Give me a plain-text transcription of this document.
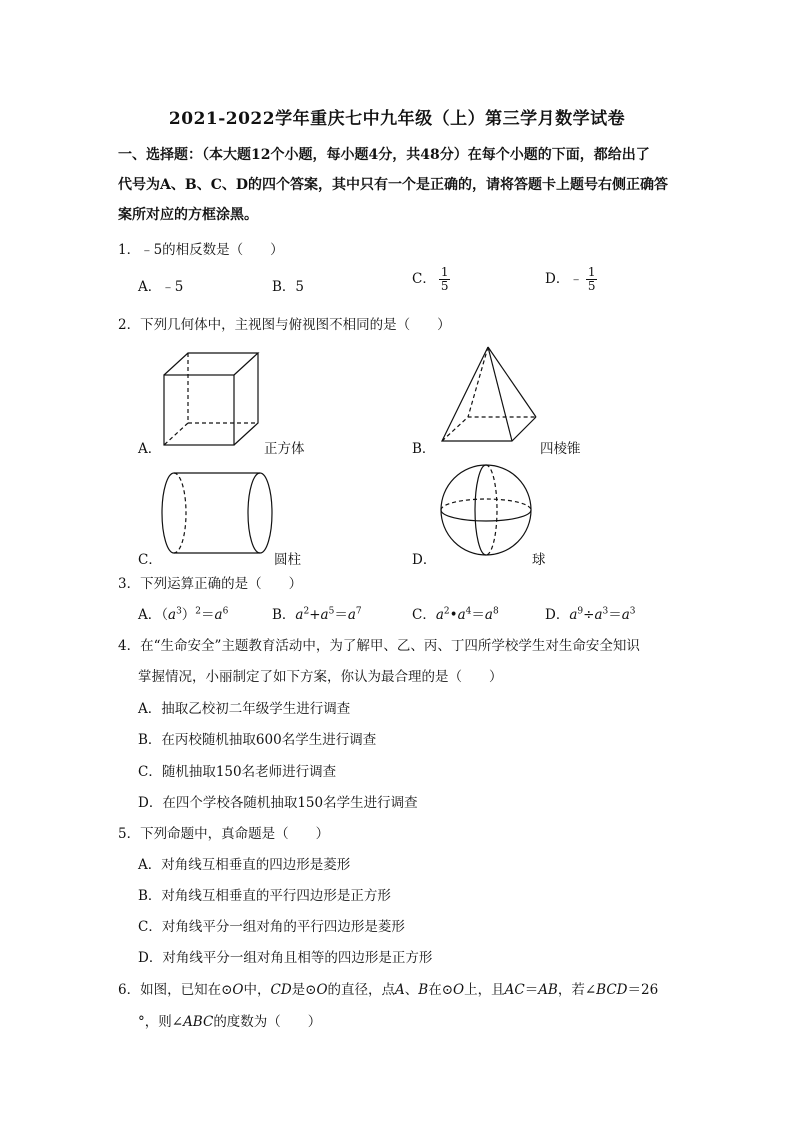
2021-2022学年重庆七中九年级（上）第三学月数学试卷
一、选择题：（本大题12个小题，每小题4分，共48分）在每个小题的下面，都给出了
代号为A、B、C、D的四个答案，其中只有一个是正确的，请将答题卡上题号右侧正确答
案所对应的方框涂黑。
1．﹣5的相反数是（　　）
A．﹣5	B．5	C． $\frac{1}{5}$	D．﹣ $\frac{1}{5}$
2．下列几何体中，主视图与俯视图不相同的是（　　）
A．	正方体	B．	四棱锥
C．	圆柱	D．	球
3．下列运算正确的是（　　）
A．$(a^3)^2=a^6$	B．$a^2+a^5=a^7$	C．$a^2•a^4=a^8$	D．$a^9\div a^3=a^3$
4．在“生命安全”主题教育活动中，为了解甲、乙、丙、丁四所学校学生对生命安全知识
掌握情况，小丽制定了如下方案，你认为最合理的是（　　）
A．抽取乙校初二年级学生进行调查
B．在丙校随机抽取600名学生进行调查
C．随机抽取150名老师进行调查
D．在四个学校各随机抽取150名学生进行调查
5．下列命题中，真命题是（　　）
A．对角线互相垂直的四边形是菱形
B．对角线互相垂直的平行四边形是正方形
C．对角线平分一组对角的平行四边形是菱形
D．对角线平分一组对角且相等的四边形是正方形
6．如图，已知在⊙O中，CD是⊙O的直径，点A、B在⊙O上，且AC＝AB，若∠BCD＝26
°，则∠ABC的度数为（　　）
